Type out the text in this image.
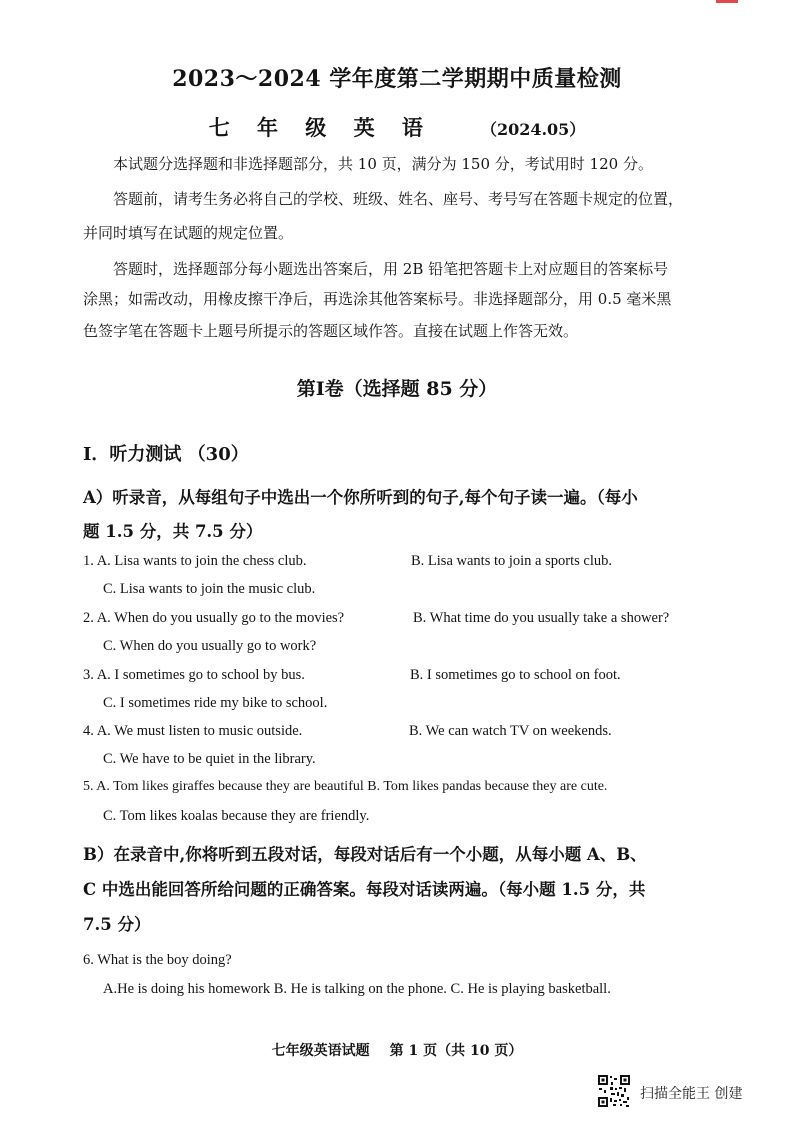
2023～2024 学年度第二学期期中质量检测
七 年 级 英 语	（2024.05）
本试题分选择题和非选择题部分，共 10 页，满分为 150 分，考试用时 120 分。
答题前，请考生务必将自己的学校、班级、姓名、座号、考号写在答题卡规定的位置，
并同时填写在试题的规定位置。
答题时，选择题部分每小题选出答案后，用 2B 铅笔把答题卡上对应题目的答案标号
涂黑；如需改动，用橡皮擦干净后，再选涂其他答案标号。非选择题部分，用 0.5 毫米黑
色签字笔在答题卡上题号所提示的答题区域作答。直接在试题上作答无效。
第Ⅰ卷（选择题 85 分）
I．听力测试 （30）
A）听录音，从每组句子中选出一个你所听到的句子,每个句子读一遍。（每小
题 1.5 分，共 7.5 分）
1. A. Lisa wants to join the chess club.	B. Lisa wants to join a sports club.
C. Lisa wants to join the music club.
2. A. When do you usually go to the movies?	B. What time do you usually take a shower?
C. When do you usually go to work?
3. A. I sometimes go to school by bus.	B. I sometimes go to school on foot.
C. I sometimes ride my bike to school.
4. A. We must listen to music outside.	B. We can watch TV on weekends.
C. We have to be quiet in the library.
5. A. Tom likes giraffes because they are beautiful B. Tom likes pandas because they are cute.
C. Tom likes koalas because they are friendly.
B）在录音中,你将听到五段对话，每段对话后有一个小题，从每小题 A、B、
C 中选出能回答所给问题的正确答案。每段对话读两遍。（每小题 1.5 分，共
7.5 分）
6. What is the boy doing?
A.He is doing his homework B. He is talking on the phone. C. He is playing basketball.
七年级英语试题 第 1 页（共 10 页）
扫描全能王 创建
